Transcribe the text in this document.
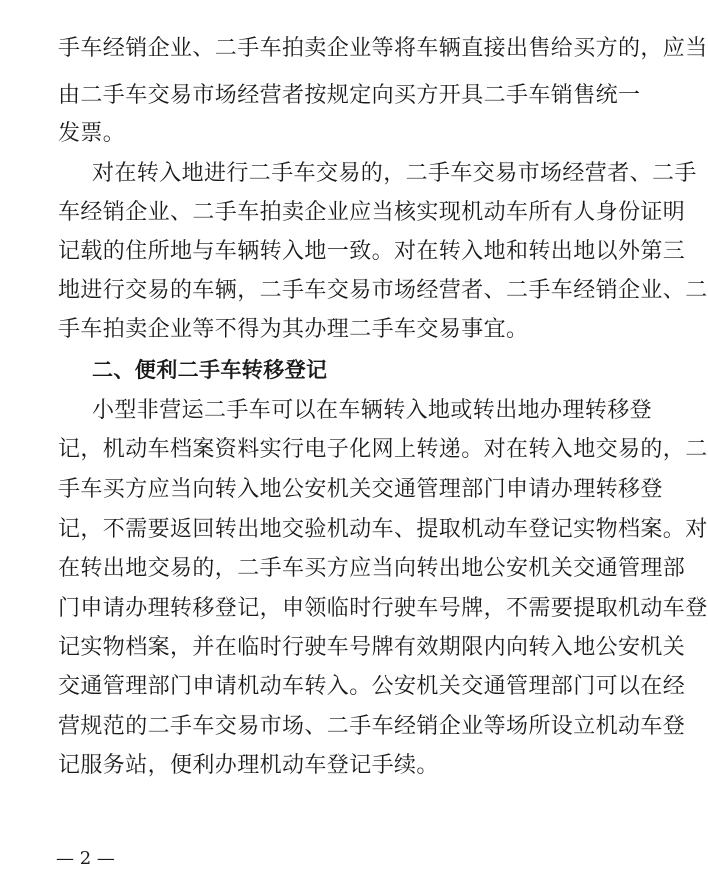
手车经销企业、二手车拍卖企业等将车辆直接出售给买方的，应当
由二手车交易市场经营者按规定向买方开具二手车销售统一
发票。
对在转入地进行二手车交易的，二手车交易市场经营者、二手
车经销企业、二手车拍卖企业应当核实现机动车所有人身份证明
记载的住所地与车辆转入地一致。对在转入地和转出地以外第三
地进行交易的车辆，二手车交易市场经营者、二手车经销企业、二
手车拍卖企业等不得为其办理二手车交易事宜。
二、便利二手车转移登记
小型非营运二手车可以在车辆转入地或转出地办理转移登
记，机动车档案资料实行电子化网上转递。对在转入地交易的，二
手车买方应当向转入地公安机关交通管理部门申请办理转移登
记，不需要返回转出地交验机动车、提取机动车登记实物档案。对
在转出地交易的，二手车买方应当向转出地公安机关交通管理部
门申请办理转移登记，申领临时行驶车号牌，不需要提取机动车登
记实物档案，并在临时行驶车号牌有效期限内向转入地公安机关
交通管理部门申请机动车转入。公安机关交通管理部门可以在经
营规范的二手车交易市场、二手车经销企业等场所设立机动车登
记服务站，便利办理机动车登记手续。
— 2 —
